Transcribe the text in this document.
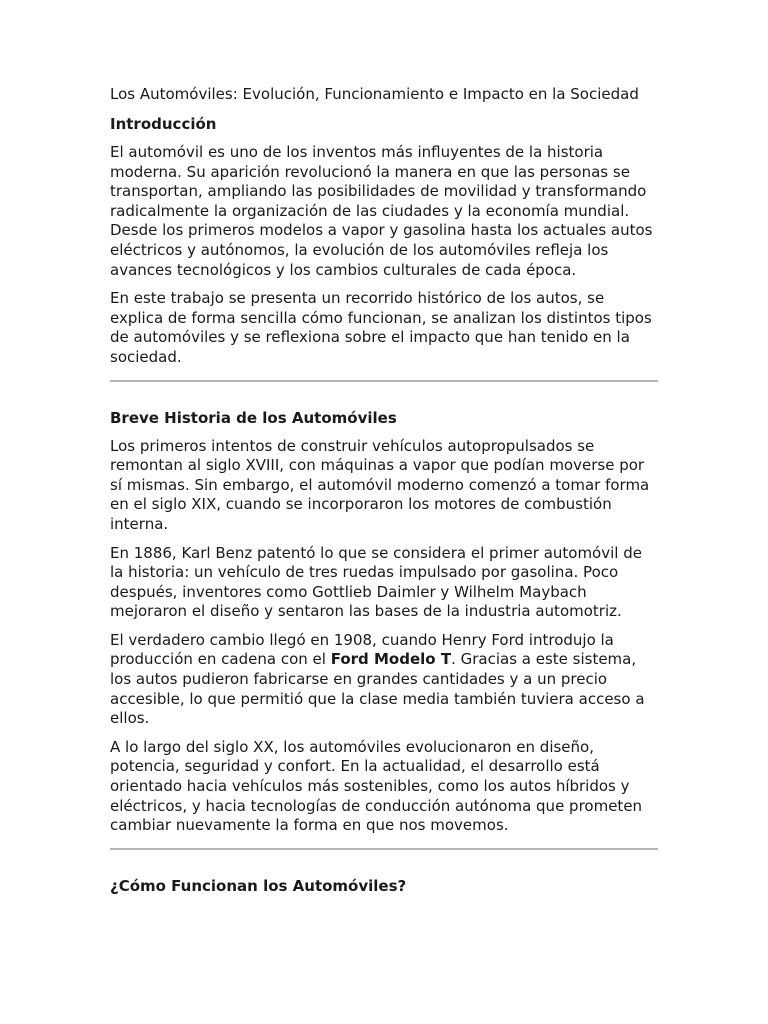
Los Automóviles: Evolución, Funcionamiento e Impacto en la Sociedad
Introducción

El automóvil es uno de los inventos más influyentes de la historia moderna. Su aparición revolucionó la manera en que las personas se transportan, ampliando las posibilidades de movilidad y transformando radicalmente la organización de las ciudades y la economía mundial. Desde los primeros modelos a vapor y gasolina hasta los actuales autos eléctricos y autónomos, la evolución de los automóviles refleja los avances tecnológicos y los cambios culturales de cada época.

En este trabajo se presenta un recorrido histórico de los autos, se explica de forma sencilla cómo funcionan, se analizan los distintos tipos de automóviles y se reflexiona sobre el impacto que han tenido en la sociedad.

Breve Historia de los Automóviles

Los primeros intentos de construir vehículos autopropulsados se remontan al siglo XVIII, con máquinas a vapor que podían moverse por sí mismas. Sin embargo, el automóvil moderno comenzó a tomar forma en el siglo XIX, cuando se incorporaron los motores de combustión interna.

En 1886, Karl Benz patentó lo que se considera el primer automóvil de la historia: un vehículo de tres ruedas impulsado por gasolina. Poco después, inventores como Gottlieb Daimler y Wilhelm Maybach mejoraron el diseño y sentaron las bases de la industria automotriz.

El verdadero cambio llegó en 1908, cuando Henry Ford introdujo la producción en cadena con el Ford Modelo T. Gracias a este sistema, los autos pudieron fabricarse en grandes cantidades y a un precio accesible, lo que permitió que la clase media también tuviera acceso a ellos.

A lo largo del siglo XX, los automóviles evolucionaron en diseño, potencia, seguridad y confort. En la actualidad, el desarrollo está orientado hacia vehículos más sostenibles, como los autos híbridos y eléctricos, y hacia tecnologías de conducción autónoma que prometen cambiar nuevamente la forma en que nos movemos.

¿Cómo Funcionan los Automóviles?
